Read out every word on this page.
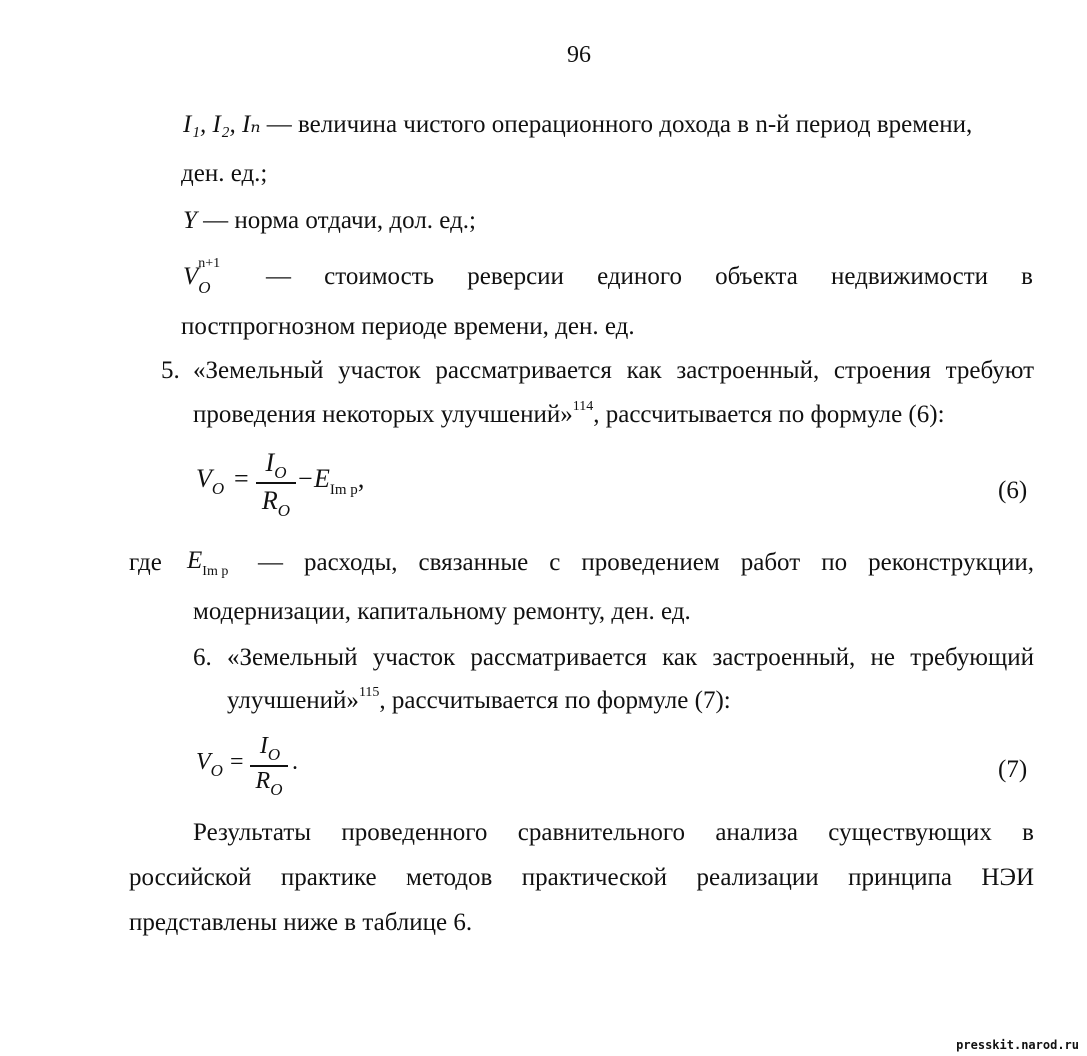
96
I₁, I₂, Iₙ — величина чистого операционного дохода в n-й период времени,
ден. ед.;
Y — норма отдачи, дол. ед.;
$V_O$
n+1 — стоимость реверсии единого объекта недвижимости в
постпрогнозном периоде времени, ден. ед.
5. «Земельный участок рассматривается как застроенный, строения требуют
проведения некоторых улучшений»$^{114}$, рассчитывается по формуле (6):
$V_O$ =
$I_O$
$R_O$
− $E_{Im p}$,	(6)
где $E_{Im p}$ — расходы, связанные с проведением работ по реконструкции,
модернизации, капитальному ремонту, ден. ед.
6. «Земельный участок рассматривается как застроенный, не требующий
улучшений»$^{115}$, рассчитывается по формуле (7):
$V_O$ =
$I_O$
$R_O$
.	(7)
Результаты проведенного сравнительного анализа существующих в
российской практике методов практической реализации принципа НЭИ
представлены ниже в таблице 6.
presskit.narod.ru
